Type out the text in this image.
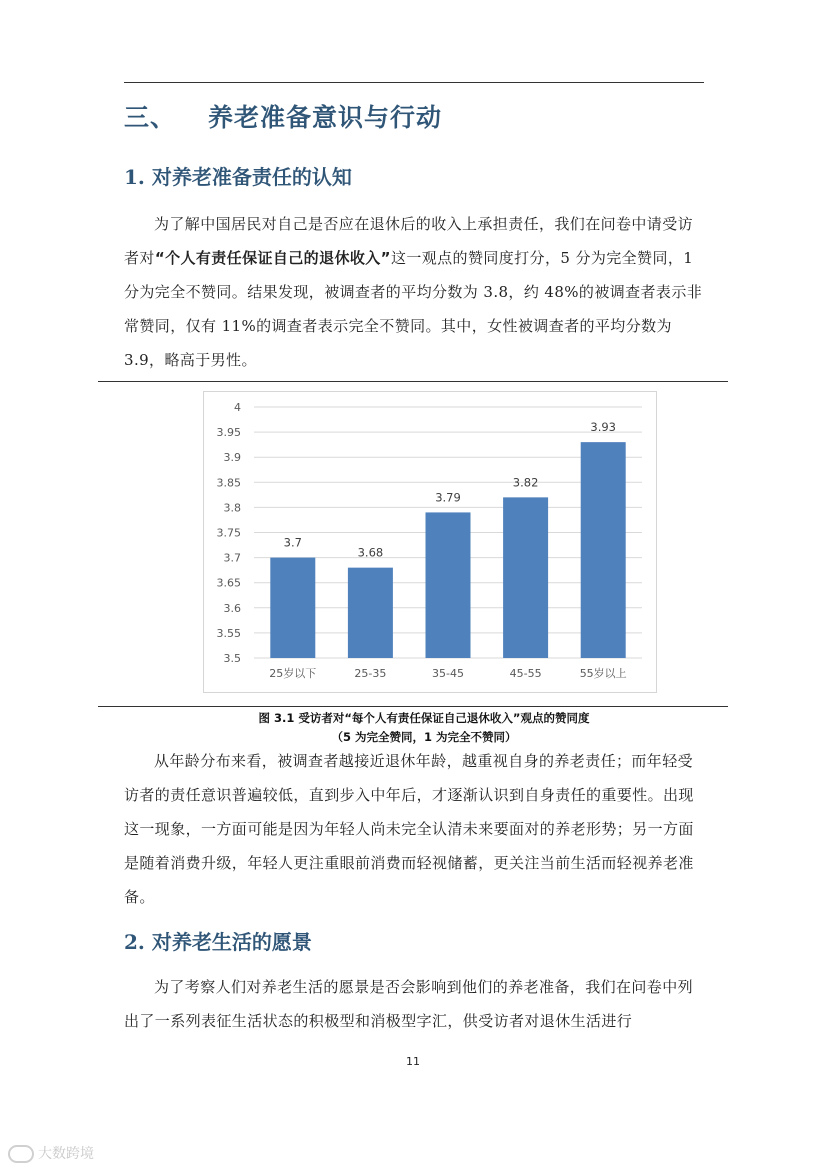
三、 养老准备意识与行动
1. 对养老准备责任的认知

为了解中国居民对自己是否应在退休后的收入上承担责任，我们在问卷中请受访者对“个人有责任保证自己的退休收入”这一观点的赞同度打分，5 分为完全赞同，1 分为完全不赞同。结果发现，被调查者的平均分数为 3.8，约 48%的被调查者表示非常赞同，仅有 11%的调查者表示完全不赞同。其中，女性被调查者的平均分数为 3.9，略高于男性。

3.5
3.55
3.6
3.65
3.7
3.75
3.8
3.85
3.9
3.95
4
3.7
25岁以下
3.68
25-35
3.79
35-45
3.82
45-55
3.93
55岁以上

图 3.1 受访者对“每个人有责任保证自己退休收入”观点的赞同度

（5 为完全赞同，1 为完全不赞同）

从年龄分布来看，被调查者越接近退休年龄，越重视自身的养老责任；而年轻受访者的责任意识普遍较低，直到步入中年后，才逐渐认识到自身责任的重要性。出现这一现象，一方面可能是因为年轻人尚未完全认清未来要面对的养老形势；另一方面是随着消费升级，年轻人更注重眼前消费而轻视储蓄，更关注当前生活而轻视养老准备。

2. 对养老生活的愿景

为了考察人们对养老生活的愿景是否会影响到他们的养老准备，我们在问卷中列出了一系列表征生活状态的积极型和消极型字汇，供受访者对退休生活进行

11
大数跨境
